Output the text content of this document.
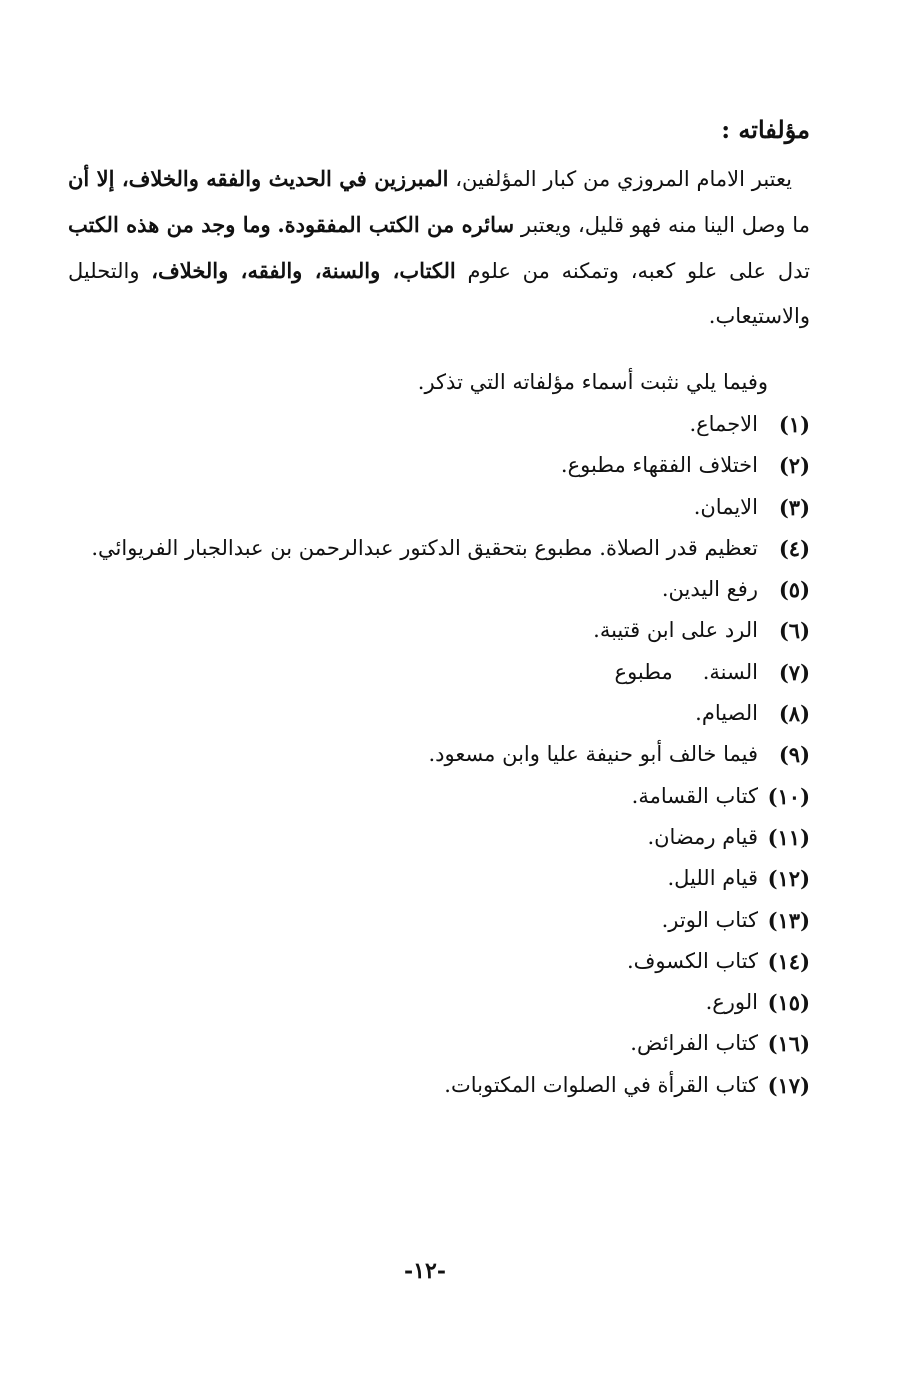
مؤلفاته :

يعتبر الامام المروزي من كبار المؤلفين، المبرزين في الحديث والفقه والخلاف، إلا أن ما وصل الينا منه فهو قليل، ويعتبر سائره من الكتب المفقودة. وما وجد من هذه الكتب تدل على علو كعبه، وتمكنه من علوم الكتاب، والسنة، والفقه، والخلاف، والتحليل والاستيعاب.

وفيما يلي نثبت أسماء مؤلفاته التي تذكر.

(١)
الاجماع.
(٢)
اختلاف الفقهاء مطبوع.
(٣)
الايمان.
(٤)
تعظيم قدر الصلاة. مطبوع بتحقيق الدكتور عبدالرحمن بن عبدالجبار الفريوائي.
(٥)
رفع اليدين.
(٦)
الرد على ابن قتيبة.
(٧)
السنة.
مطبوع
(٨)
الصيام.
(٩)
فيما خالف أبو حنيفة عليا وابن مسعود.
(١٠)
كتاب القسامة.
(١١)
قيام رمضان.
(١٢)
قيام الليل.
(١٣)
كتاب الوتر.
(١٤)
كتاب الكسوف.
(١٥)
الورع.
(١٦)
كتاب الفرائض.
(١٧)
كتاب القرأة في الصلوات المكتوبات.
-١٢-
